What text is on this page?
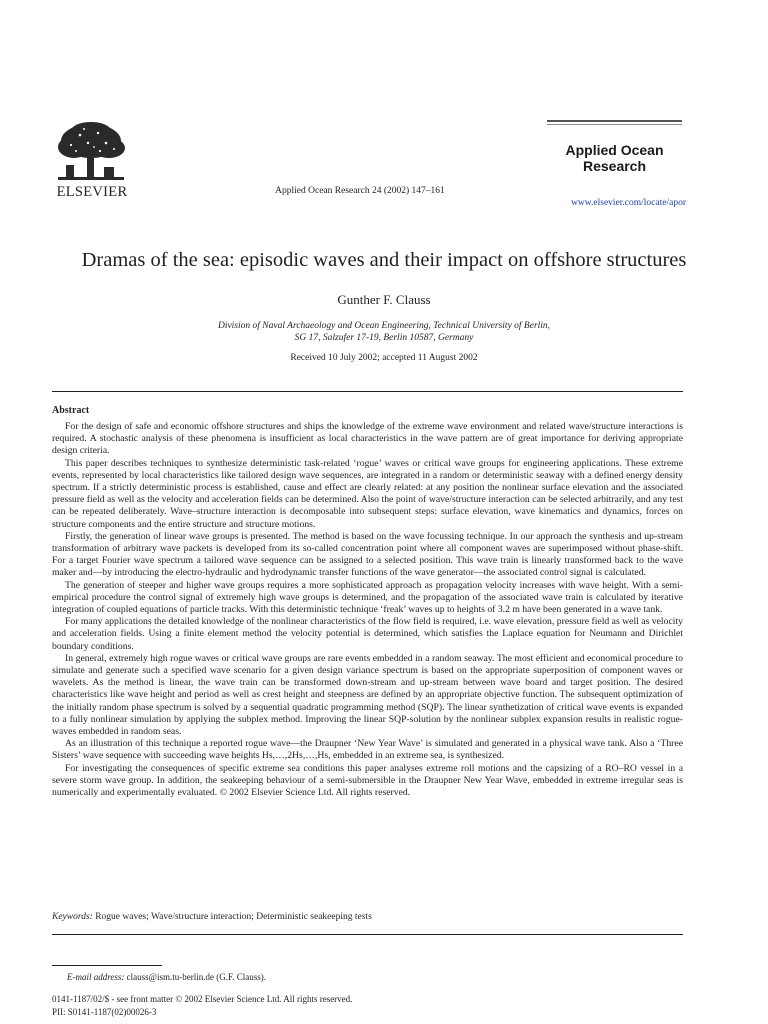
ELSEVIER	Applied Ocean Research 24 (2002) 147–161
Applied Ocean
Research
www.elsevier.com/locate/apor
Dramas of the sea: episodic waves and their impact on offshore structures
Gunther F. Clauss
Division of Naval Archaeology and Ocean Engineering, Technical University of Berlin,
SG 17, Salzufer 17-19, Berlin 10587, Germany
Received 10 July 2002; accepted 11 August 2002
Abstract

For the design of safe and economic offshore structures and ships the knowledge of the extreme wave environment and related wave/structure interactions is required. A stochastic analysis of these phenomena is insufficient as local characteristics in the wave pattern are of great importance for deriving appropriate design criteria.

This paper describes techniques to synthesize deterministic task-related ‘rogue’ waves or critical wave groups for engineering applications. These extreme events, represented by local characteristics like tailored design wave sequences, are integrated in a random or deterministic seaway with a defined energy density spectrum. If a strictly deterministic process is established, cause and effect are clearly related: at any position the nonlinear surface elevation and the associated pressure field as well as the velocity and acceleration fields can be determined. Also the point of wave/structure interaction can be selected arbitrarily, and any test can be repeated deliberately. Wave–structure interaction is decomposable into subsequent steps: surface elevation, wave kinematics and dynamics, forces on structure components and the entire structure and structure motions.

Firstly, the generation of linear wave groups is presented. The method is based on the wave focussing technique. In our approach the synthesis and up-stream transformation of arbitrary wave packets is developed from its so-called concentration point where all component waves are superimposed without phase-shift. For a target Fourier wave spectrum a tailored wave sequence can be assigned to a selected position. This wave train is linearly transformed back to the wave maker and—by introducing the electro-hydraulic and hydrodynamic transfer functions of the wave generator—the associated control signal is calculated.

The generation of steeper and higher wave groups requires a more sophisticated approach as propagation velocity increases with wave height. With a semi-empirical procedure the control signal of extremely high wave groups is determined, and the propagation of the associated wave train is calculated by iterative integration of coupled equations of particle tracks. With this deterministic technique ‘freak’ waves up to heights of 3.2 m have been generated in a wave tank.

For many applications the detailed knowledge of the nonlinear characteristics of the flow field is required, i.e. wave elevation, pressure field as well as velocity and acceleration fields. Using a finite element method the velocity potential is determined, which satisfies the Laplace equation for Neumann and Dirichlet boundary conditions.

In general, extremely high rogue waves or critical wave groups are rare events embedded in a random seaway. The most efficient and economical procedure to simulate and generate such a specified wave scenario for a given design variance spectrum is based on the appropriate superposition of component waves or wavelets. As the method is linear, the wave train can be transformed down-stream and up-stream between wave board and target position. The desired characteristics like wave height and period as well as crest height and steepness are defined by an appropriate objective function. The subsequent optimization of the initially random phase spectrum is solved by a sequential quadratic programming method (SQP). The linear synthetization of critical wave events is expanded to a fully nonlinear simulation by applying the subplex method. Improving the linear SQP-solution by the nonlinear subplex expansion results in realistic rogue-waves embedded in random seas.

As an illustration of this technique a reported rogue wave—the Draupner ‘New Year Wave’ is simulated and generated in a physical wave tank. Also a ‘Three Sisters’ wave sequence with succeeding wave heights Hs,…,2Hs,…,Hs, embedded in an extreme sea, is synthesized.

For investigating the consequences of specific extreme sea conditions this paper analyses extreme roll motions and the capsizing of a RO–RO vessel in a severe storm wave group. In addition, the seakeeping behaviour of a semi-submersible in the Draupner New Year Wave, embedded in extreme irregular seas is numerically and experimentally evaluated. © 2002 Elsevier Science Ltd. All rights reserved.

Keywords: Rogue waves; Wave/structure interaction; Deterministic seakeeping tests
E-mail address: clauss@ism.tu-berlin.de (G.F. Clauss).
0141-1187/02/$ - see front matter © 2002 Elsevier Science Ltd. All rights reserved.
PII: S0141-1187(02)00026-3
